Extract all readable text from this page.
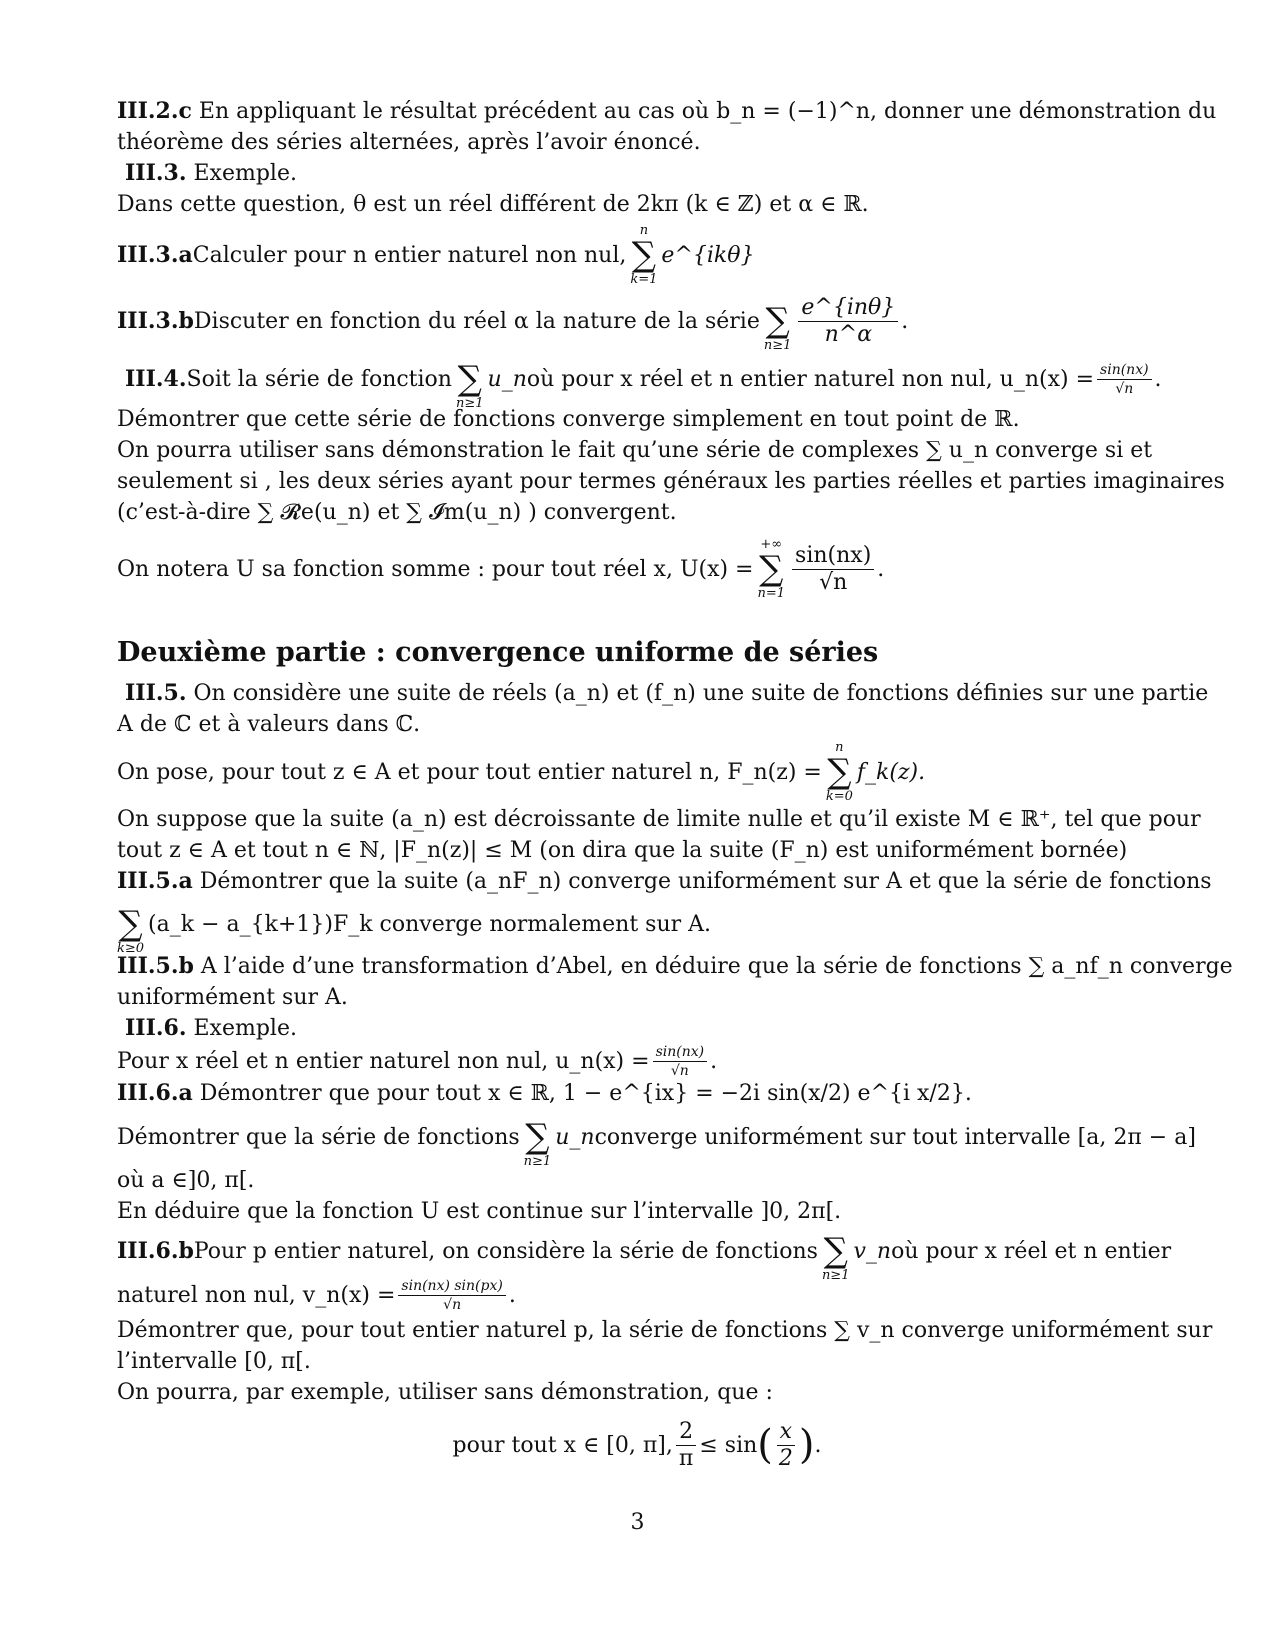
III.2.c En appliquant le résultat précédent au cas où b_n = (−1)^n, donner une démonstration du
théorème des séries alternées, après l’avoir énoncé.
III.3. Exemple.
Dans cette question, θ est un réel différent de 2kπ (k ∈ ℤ) et α ∈ ℝ.
III.3.a Calculer pour n entier naturel non nul,
n
∑
k=1
e^{ikθ}
III.3.b Discuter en fonction du réel α la nature de la série
∑
$n\ge 1 \frac{\text{e\textasciicircum{}\{inθ\}}}{n\^{}\alpha}$ .
III.4. Soit la série de fonction
∑
n≥1
u_n où pour x réel et n entier naturel non nul, u_n(x) = $\frac{\sin(nx)}{√n}$ .
Démontrer que cette série de fonctions converge simplement en tout point de ℝ.
On pourra utiliser sans démonstration le fait qu’une série de complexes ∑ u_n converge si et
seulement si , les deux séries ayant pour termes généraux les parties réelles et parties imaginaires
(c’est-à-dire ∑ 𝓡e(u_n) et ∑ 𝓘m(u_n) ) convergent.
On notera U sa fonction somme : pour tout réel x, U(x) =
+∞
∑
$n=1 \frac{\sin(nx)}{√n}$ .
Deuxième partie : convergence uniforme de séries
III.5. On considère une suite de réels (a_n) et (f_n) une suite de fonctions définies sur une partie
A de ℂ et à valeurs dans ℂ.
On pose, pour tout z ∈ A et pour tout entier naturel n, F_n(z) =
n
∑
k=0
f_k(z).
On suppose que la suite (a_n) est décroissante de limite nulle et qu’il existe M ∈ ℝ⁺, tel que pour
tout z ∈ A et tout n ∈ ℕ, |F_n(z)| ≤ M (on dira que la suite (F_n) est uniformément bornée)
III.5.a Démontrer que la suite (a_nF_n) converge uniformément sur A et que la série de fonctions

∑
k≥0
(a_k − a_{k+1})F_k converge normalement sur A.
III.5.b A l’aide d’une transformation d’Abel, en déduire que la série de fonctions ∑ a_nf_n converge
uniformément sur A.
III.6. Exemple.
Pour x réel et n entier naturel non nul, u_n(x) = $\frac{\sin(nx)}{√n}$ .
III.6.a Démontrer que pour tout x ∈ ℝ, 1 − e^{ix} = −2i sin(x/2) e^{i x/2}.
Démontrer que la série de fonctions
∑
n≥1
u_n converge uniformément sur tout intervalle [a, 2π − a]
où a ∈]0, π[.
En déduire que la fonction U est continue sur l’intervalle ]0, 2π[.
III.6.b Pour p entier naturel, on considère la série de fonctions
∑
n≥1
v_n où pour x réel et n entier
naturel non nul, v_n(x) = $\frac{\sin(nx) \sin(px)}{√n}$ .
Démontrer que, pour tout entier naturel p, la série de fonctions ∑ v_n converge uniformément sur
l’intervalle [0, π[.
On pourra, par exemple, utiliser sans démonstration, que :
pour tout x ∈ [0, π], $\frac{2}{\pi} \le \sin$ ( $\frac{x}{2}$ ) .
3
